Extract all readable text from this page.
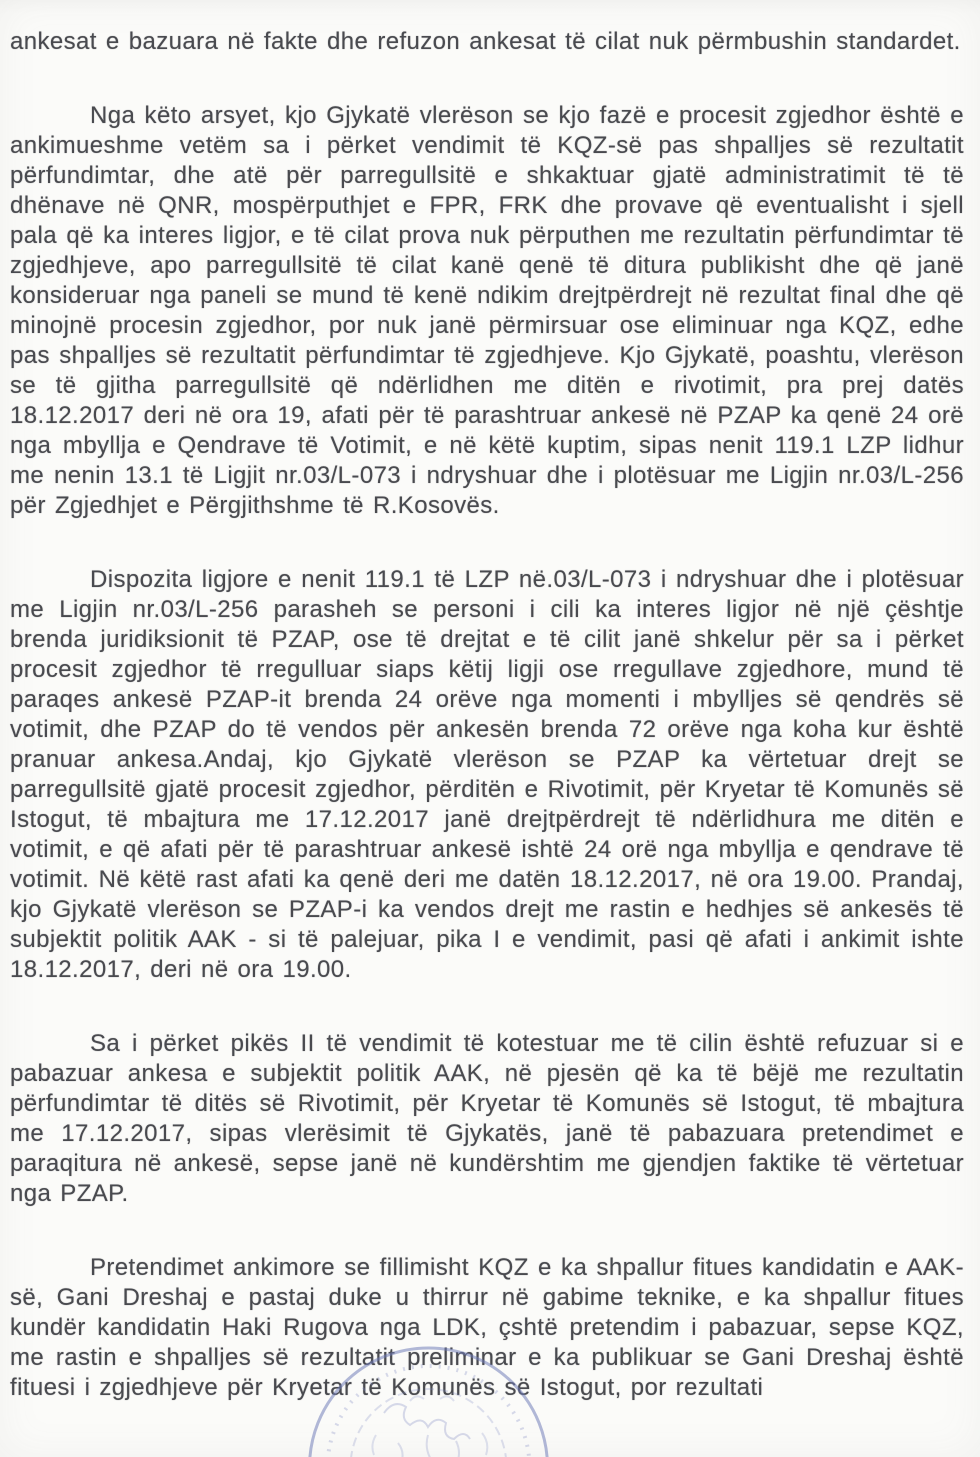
ankesat e bazuara në fakte dhe refuzon ankesat të cilat nuk përmbushin standardet.

Nga këto arsyet, kjo Gjykatë vlerëson se kjo fazë e procesit zgjedhor është e ankimueshme vetëm sa i përket vendimit të KQZ-së pas shpalljes së rezultatit përfundimtar, dhe atë për parregullsitë e shkaktuar gjatë administratimit të të dhënave në QNR, mospërputhjet e FPR, FRK dhe provave që eventualisht i sjell pala që ka interes ligjor, e të cilat prova nuk përputhen me rezultatin përfundimtar të zgjedhjeve, apo parregullsitë të cilat kanë qenë të ditura publikisht dhe që janë konsideruar nga paneli se mund të kenë ndikim drejtpërdrejt në rezultat final dhe që minojnë procesin zgjedhor, por nuk janë përmirsuar ose eliminuar nga KQZ, edhe pas shpalljes së rezultatit përfundimtar të zgjedhjeve. Kjo Gjykatë, poashtu, vlerëson se të gjitha parregullsitë që ndërlidhen me ditën e rivotimit, pra prej datës 18.12.2017 deri në ora 19, afati për të parashtruar ankesë në PZAP ka qenë 24 orë nga mbyllja e Qendrave të Votimit, e në këtë kuptim, sipas nenit 119.1 LZP lidhur me nenin 13.1 të Ligjit nr.03/L-073 i ndryshuar dhe i plotësuar me Ligjin nr.03/L-256 për Zgjedhjet e Përgjithshme të R.Kosovës.

Dispozita ligjore e nenit 119.1 të LZP në.03/L-073 i ndryshuar dhe i plotësuar me Ligjin nr.03/L-256 parasheh se personi i cili ka interes ligjor në një çështje brenda juridiksionit të PZAP, ose të drejtat e të cilit janë shkelur për sa i përket procesit zgjedhor të rregulluar siaps këtij ligji ose rregullave zgjedhore, mund të paraqes ankesë PZAP-it brenda 24 orëve nga momenti i mbylljes së qendrës së votimit, dhe PZAP do të vendos për ankesën brenda 72 orëve nga koha kur është pranuar ankesa.Andaj, kjo Gjykatë vlerëson se PZAP ka vërtetuar drejt se parregullsitë gjatë procesit zgjedhor, përditën e Rivotimit, për Kryetar të Komunës së Istogut, të mbajtura me 17.12.2017 janë drejtpërdrejt të ndërlidhura me ditën e votimit, e që afati për të parashtruar ankesë ishtë 24 orë nga mbyllja e qendrave të votimit. Në këtë rast afati ka qenë deri me datën 18.12.2017, në ora 19.00. Prandaj, kjo Gjykatë vlerëson se PZAP-i ka vendos drejt me rastin e hedhjes së ankesës të subjektit politik AAK - si të palejuar, pika I e vendimit, pasi që afati i ankimit ishte 18.12.2017, deri në ora 19.00.

Sa i përket pikës II të vendimit të kotestuar me të cilin është refuzuar si e pabazuar ankesa e subjektit politik AAK, në pjesën që ka të bëjë me rezultatin përfundimtar të ditës së Rivotimit, për Kryetar të Komunës së Istogut, të mbajtura me 17.12.2017, sipas vlerësimit të Gjykatës, janë të pabazuara pretendimet e paraqitura në ankesë, sepse janë në kundërshtim me gjendjen faktike të vërtetuar nga PZAP.

Pretendimet ankimore se fillimisht KQZ e ka shpallur fitues kandidatin e AAK-së, Gani Dreshaj e pastaj duke u thirrur në gabime teknike, e ka shpallur fitues kundër kandidatin Haki Rugova nga LDK, çshtë pretendim i pabazuar, sepse KQZ, me rastin e shpalljes së rezultatit preliminar e ka publikuar se Gani Dreshaj është fituesi i zgjedhjeve për Kryetar të Komunës së Istogut, por rezultati
